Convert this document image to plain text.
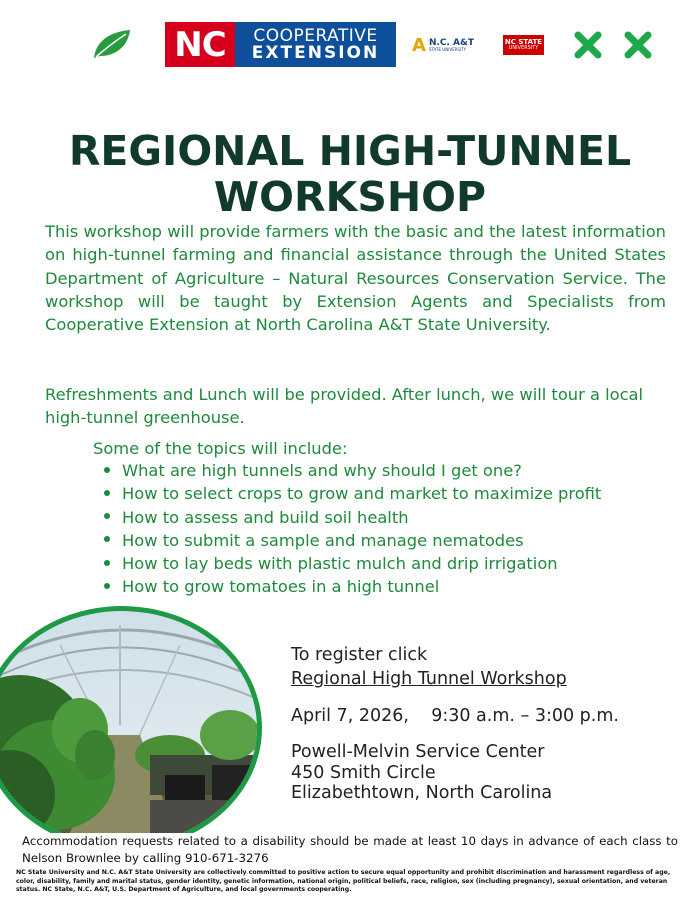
NC	COOPERATIVE
EXTENSION A N.C. A&T
STATE UNIVERSITY
NC STATE
UNIVERSITY
REGIONAL HIGH-TUNNEL
WORKSHOP
This workshop will provide farmers with the basic and the latest information on high-tunnel farming and financial assistance through the United States Department of Agriculture – Natural Resources Conservation Service. The workshop will be taught by Extension Agents and Specialists from Cooperative Extension at North Carolina A&T State University.
Refreshments and Lunch will be provided. After lunch, we will tour a local high-tunnel greenhouse.
Some of the topics will include:
What are high tunnels and why should I get one?
How to select crops to grow and market to maximize profit
How to assess and build soil health
How to submit a sample and manage nematodes
How to lay beds with plastic mulch and drip irrigation
How to grow tomatoes in a high tunnel
To register click
Regional High Tunnel Workshop
April 7, 2026, 9:30 a.m. – 3:00 p.m.
Powell-Melvin Service Center
450 Smith Circle
Elizabethtown, North Carolina
Accommodation requests related to a disability should be made at least 10 days in advance of each class to Nelson Brownlee by calling 910-671-3276
NC State University and N.C. A&T State University are collectively committed to positive action to secure equal opportunity and prohibit discrimination and harassment regardless of age, color, disability, family and marital status, gender identity, genetic information, national origin, political beliefs, race, religion, sex (including pregnancy), sexual orientation, and veteran status. NC State, N.C. A&T, U.S. Department of Agriculture, and local governments cooperating.
